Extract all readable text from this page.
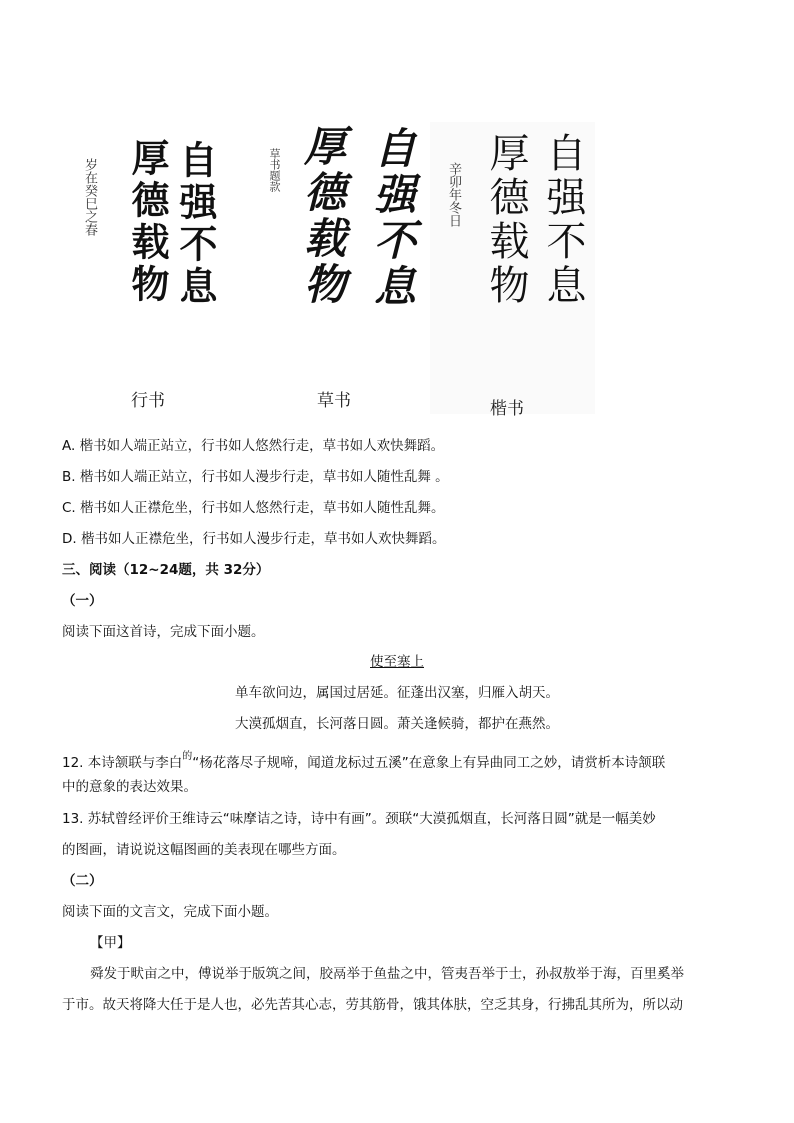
自强不息
厚德载物
岁在癸巳之春
行书
自强不息
厚德载物
草书题款
草书
自强不息
厚德载物
辛卯年冬日
楷书
A. 楷书如人端正站立，行书如人悠然行走，草书如人欢快舞蹈。
B. 楷书如人端正站立，行书如人漫步行走，草书如人随性乱舞 。
C. 楷书如人正襟危坐，行书如人悠然行走，草书如人随性乱舞。
D. 楷书如人正襟危坐，行书如人漫步行走，草书如人欢快舞蹈。
三、阅读（12~24题，共 32分）
（一）
阅读下面这首诗，完成下面小题。
使至塞上
单车欲问边，属国过居延。征蓬出汉塞，归雁入胡天。
大漠孤烟直，长河落日圆。萧关逢候骑，都护在燕然。
12. 本诗颔联与李白$^的$“杨花落尽子规啼，闻道龙标过五溪”在意象上有异曲同工之妙，请赏析本诗颔联
中的意象的表达效果。
13. 苏轼曾经评价王维诗云“味摩诘之诗，诗中有画”。颈联“大漠孤烟直，长河落日圆”就是一幅美妙
的图画，请说说这幅图画的美表现在哪些方面。
（二）
阅读下面的文言文，完成下面小题。
【甲】
舜发于畎亩之中，傅说举于版筑之间，胶鬲举于鱼盐之中，管夷吾举于士，孙叔敖举于海，百里奚举
于市。故天将降大任于是人也，必先苦其心志，劳其筋骨，饿其体肤，空乏其身，行拂乱其所为，所以动
